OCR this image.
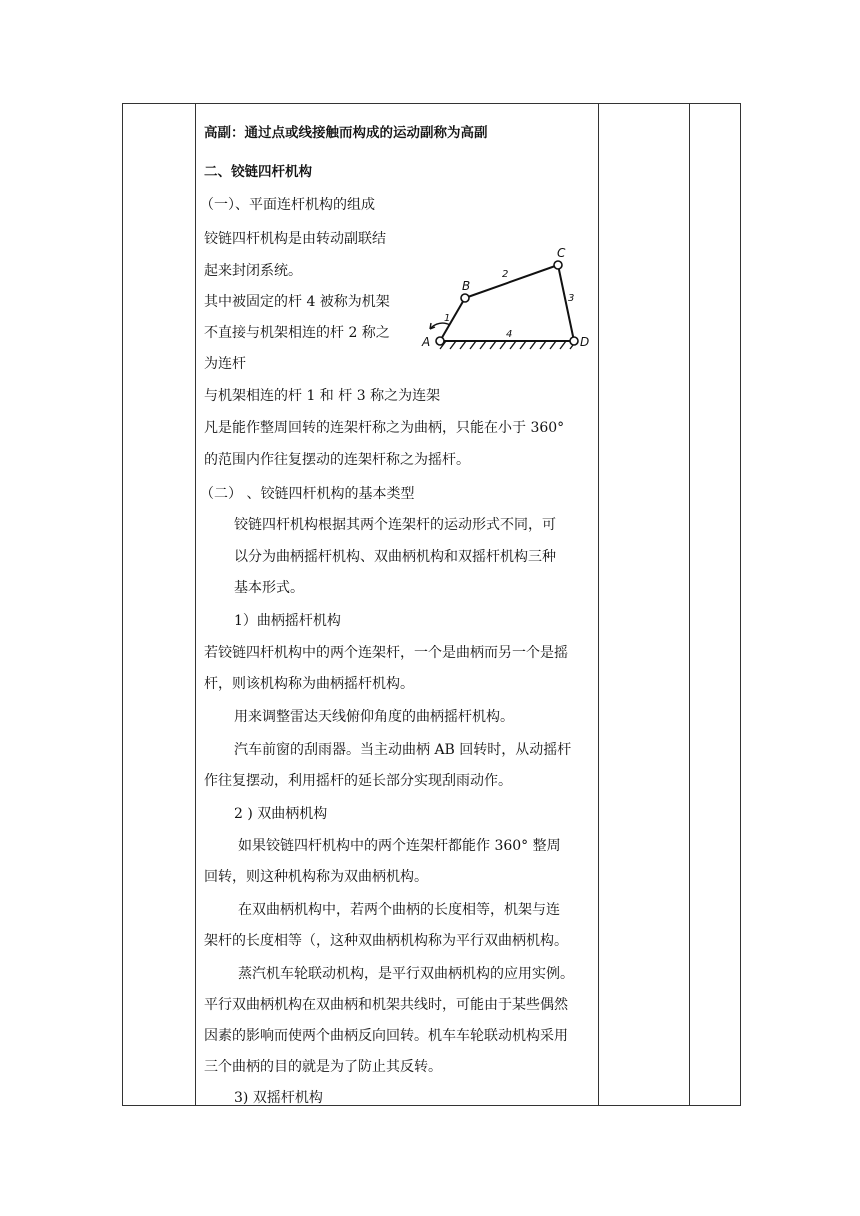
高副：通过点或线接触而构成的运动副称为高副
二、铰链四杆机构
（一）、平面连杆机构的组成
铰链四杆机构是由转动副联结
起来封闭系统。
其中被固定的杆 4 被称为机架
不直接与机架相连的杆 2 称之
为连杆
与机架相连的杆 1 和 杆 3 称之为连架
凡是能作整周回转的连架杆称之为曲柄，只能在小于 360°
的范围内作往复摆动的连架杆称之为摇杆。
（二） 、铰链四杆机构的基本类型
铰链四杆机构根据其两个连架杆的运动形式不同，可
以分为曲柄摇杆机构、双曲柄机构和双摇杆机构三种
基本形式。
1）曲柄摇杆机构
若铰链四杆机构中的两个连架杆，一个是曲柄而另一个是摇
杆，则该机构称为曲柄摇杆机构。
用来调整雷达天线俯仰角度的曲柄摇杆机构。
汽车前窗的刮雨器。当主动曲柄 AB 回转时，从动摇杆
作往复摆动，利用摇杆的延长部分实现刮雨动作。
2 ) 双曲柄机构
如果铰链四杆机构中的两个连架杆都能作 360° 整周
回转，则这种机构称为双曲柄机构。
在双曲柄机构中，若两个曲柄的长度相等，机架与连
架杆的长度相等（，这种双曲柄机构称为平行双曲柄机构。
蒸汽机车轮联动机构，是平行双曲柄机构的应用实例。
平行双曲柄机构在双曲柄和机架共线时，可能由于某些偶然
因素的影响而使两个曲柄反向回转。机车车轮联动机构采用
三个曲柄的目的就是为了防止其反转。
3) 双摇杆机构
A
B
C
D
1
2
3
4
